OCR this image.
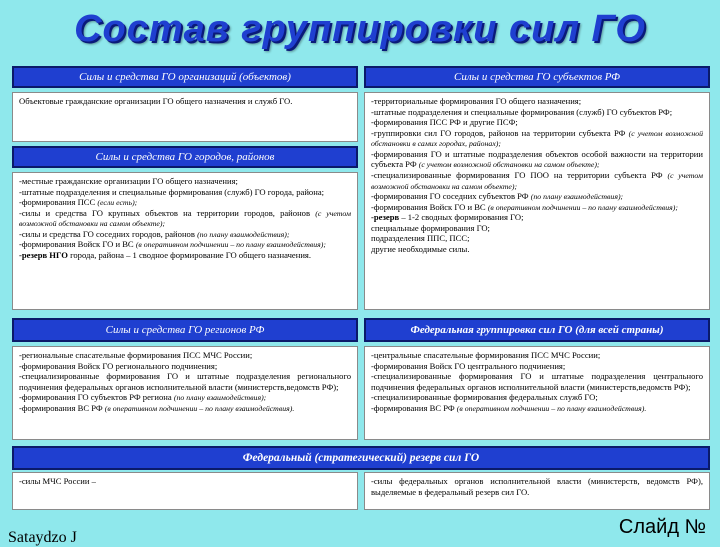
Состав группировки сил ГО
Силы и средства ГО организаций (объектов)

Объектовые гражданские организации ГО общего назначения и служб ГО.

Силы и средства ГО субъектов РФ

-территориальные формирования ГО общего назначения;

-штатные подразделения и специальные формирования (служб) ГО субъектов РФ;

-формирования ПСС РФ и другие ПСФ;

-группировки сил ГО городов, районов на территории субъекта РФ (с учетом возможной обстановки в самих городах, районах);

-формирования ГО и штатные подразделения объектов особой важности на территории субъекта РФ (с учетом возможной обстановки на самом объекте);

-специализированные формирования ГО ПОО на территории субъекта РФ (с учетом возможной обстановки на самом объекте);

-формирования ГО соседних субъектов РФ (по плану взаимодействия);

-формирования Войск ГО и ВС (в оперативном подчинении – по плану взаимодействия);

-резерв – 1-2 сводных формирования ГО;

специальные формирования ГО;

подразделения ППС, ПСС;

другие необходимые силы.

Силы и средства ГО городов, районов

-местные гражданские организации ГО общего назначения;

-штатные подразделения и специальные формирования (служб) ГО города, района;

-формирования ПСС (если есть);

-силы и средства ГО крупных объектов на территории городов, районов (с учетом возможной обстановки на самом объекте);

-силы и средства ГО соседних городов, районов (по плану взаимодействия);

-формирования Войск ГО и ВС (в оперативном подчинении – по плану взаимодействия);

-резерв НГО города, района – 1 сводное формирование ГО общего назначения.

Силы и средства ГО регионов РФ

-региональные спасательные формирования ПСС МЧС России;

-формирования Войск ГО регионального подчинения;

-специализированные формирования ГО и штатные подразделения регионального подчинения федеральных органов исполнительной власти (министерств,ведомств РФ);

-формирования ГО субъектов РФ региона (по плану взаимодействия);

-формирования ВС РФ (в оперативном подчинении – по плану взаимодействия).

Федеральная группировка сил ГО (для всей страны)

-центральные спасательные формирования ПСС МЧС России;

-формирования Войск ГО центрального подчинения;

-специализированные формирования ГО и штатные подразделения центрального подчинения федеральных органов исполнительной власти (министерств,ведомств РФ);

-специализированные формирования федеральных служб ГО;

-формирования ВС РФ (в оперативном подчинении – по плану взаимодействия).

Федеральный (стратегический) резерв сил ГО

-силы МЧС России –	-силы федеральных органов исполнительной власти (министерств, ведомств РФ), выделяемые в федеральный резерв сил ГО.

Sataydzo J	Слайд №
